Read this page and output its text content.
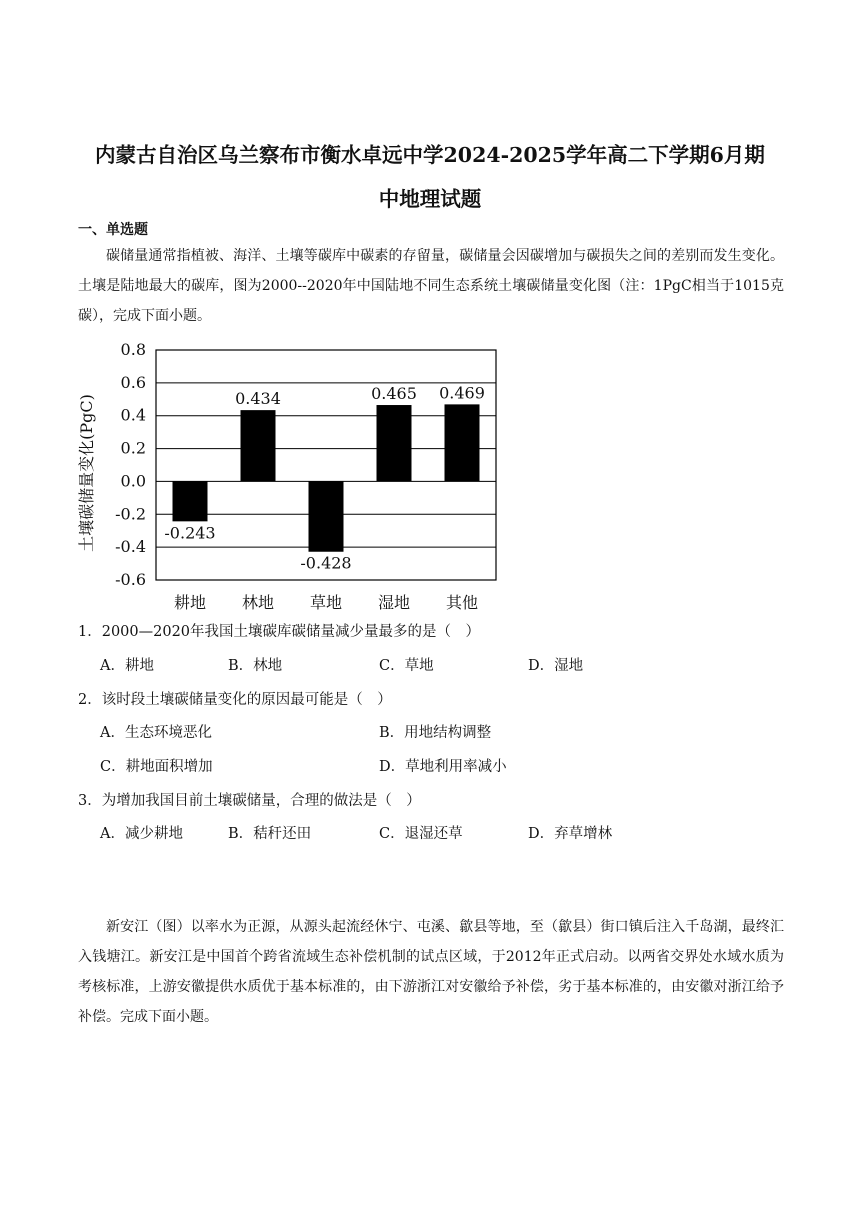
内蒙古自治区乌兰察布市衡水卓远中学2024-2025学年高二下学期6月期
中地理试题
一、单选题
碳储量通常指植被、海洋、土壤等碳库中碳素的存留量，碳储量会因碳增加与碳损失之间的差别而发生变化。土壤是陆地最大的碳库，图为2000--2020年中国陆地不同生态系统土壤碳储量变化图（注：1PgC相当于1015克碳），完成下面小题。
-0.243
0.434
-0.428
0.465 0.469
0.8
0.6
0.4
0.2
0.0
-0.2
-0.4
-0.6
耕地 林地 草地 湿地 其他
土壤碳储量变化(PgC)
1．2000—2020年我国土壤碳库碳储量减少量最多的是（　）
A．耕地	B．林地	C．草地	D．湿地
2．该时段土壤碳储量变化的原因最可能是（　）
A．生态环境恶化	B．用地结构调整
C．耕地面积增加	D．草地利用率减小
3．为增加我国目前土壤碳储量，合理的做法是（　）
A．减少耕地	B．秸秆还田	C．退湿还草	D．弃草增林
新安江（图）以率水为正源，从源头起流经休宁、屯溪、歙县等地，至（歙县）街口镇后注入千岛湖，最终汇入钱塘江。新安江是中国首个跨省流域生态补偿机制的试点区域，于2012年正式启动。以两省交界处水域水质为考核标准，上游安徽提供水质优于基本标准的，由下游浙江对安徽给予补偿，劣于基本标准的，由安徽对浙江给予补偿。完成下面小题。
